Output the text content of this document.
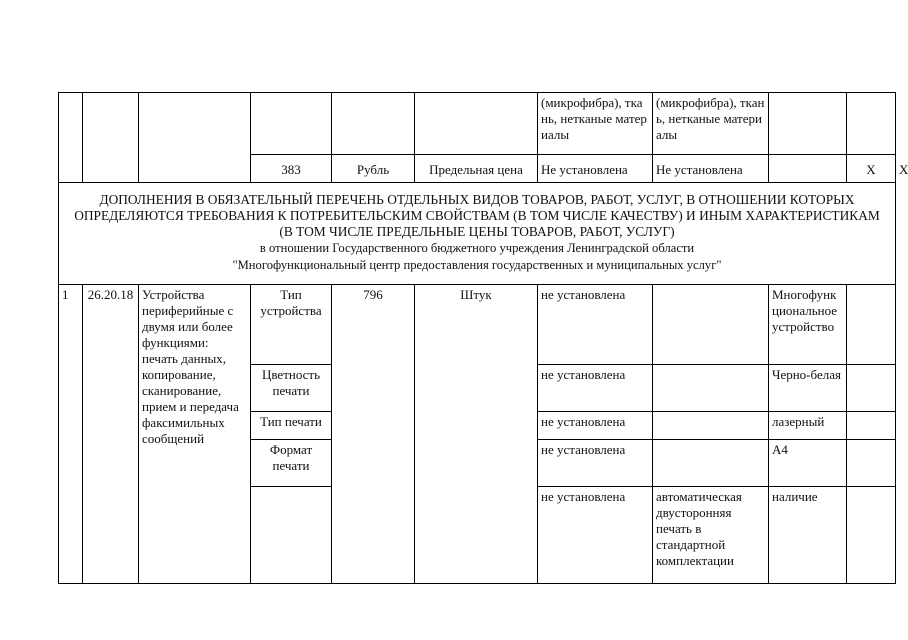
						(микрофибра), ткань, нетканые материалы	(микрофибра), ткань, нетканые материалы			
			383	Рубль	Предельная цена	Не установлена	Не установлена		X	X
ДОПОЛНЕНИЯ В ОБЯЗАТЕЛЬНЫЙ ПЕРЕЧЕНЬ ОТДЕЛЬНЫХ ВИДОВ ТОВАРОВ, РАБОТ, УСЛУГ, В ОТНОШЕНИИ КОТОРЫХ ОПРЕДЕЛЯЮТСЯ ТРЕБОВАНИЯ К ПОТРЕБИТЕЛЬСКИМ СВОЙСТВАМ (В ТОМ ЧИСЛЕ КАЧЕСТВУ) И ИНЫМ ХАРАКТЕРИСТИКАМ (В ТОМ ЧИСЛЕ ПРЕДЕЛЬНЫЕ ЦЕНЫ ТОВАРОВ, РАБОТ, УСЛУГ)
в отношении Государственного бюджетного учреждения Ленинградской области
"Многофункциональный центр предоставления государственных и муниципальных услуг"										

1	26.20.18	Устройства периферийные с двумя или более функциями: печать данных, копирование, сканирование, прием и передача факсимильных сообщений	Тип устройства	796	Штук	не установлена		Многофункциональное устройство		
			Цветность печати			не установлена		Черно-белая		
			Тип печати			не установлена		лазерный		
			Формат печати			не установлена		А4		
						не установлена	автоматическая двусторонняя печать в стандартной комплектации	наличие		
